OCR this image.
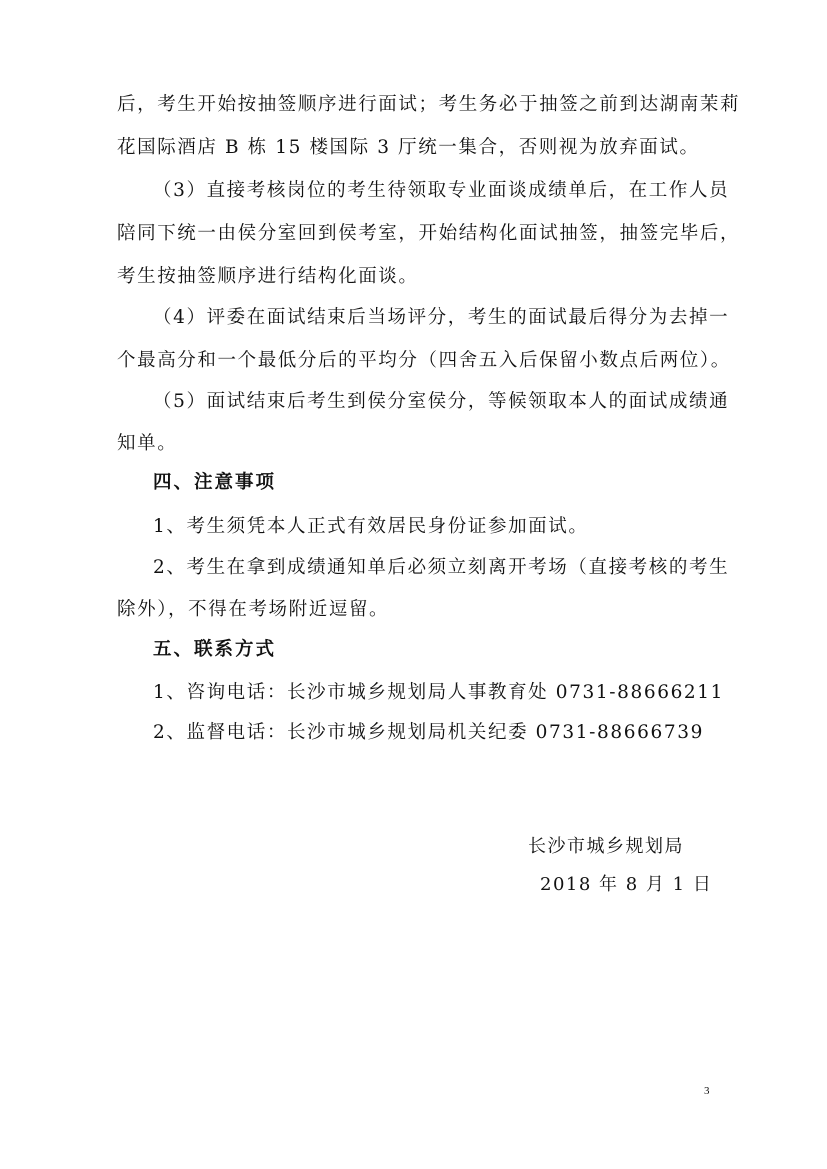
后，考生开始按抽签顺序进行面试；考生务必于抽签之前到达湖南茉莉
花国际酒店 B 栋 15 楼国际 3 厅统一集合，否则视为放弃面试。
（3）直接考核岗位的考生待领取专业面谈成绩单后，在工作人员
陪同下统一由侯分室回到侯考室，开始结构化面试抽签，抽签完毕后，
考生按抽签顺序进行结构化面谈。
（4）评委在面试结束后当场评分，考生的面试最后得分为去掉一
个最高分和一个最低分后的平均分（四舍五入后保留小数点后两位）。
（5）面试结束后考生到侯分室侯分，等候领取本人的面试成绩通
知单。
四、注意事项
1、考生须凭本人正式有效居民身份证参加面试。
2、考生在拿到成绩通知单后必须立刻离开考场（直接考核的考生
除外），不得在考场附近逗留。
五、联系方式
1、咨询电话：长沙市城乡规划局人事教育处 0731-88666211
2、监督电话：长沙市城乡规划局机关纪委 0731-88666739
长沙市城乡规划局
2018 年 8 月 1 日
3
